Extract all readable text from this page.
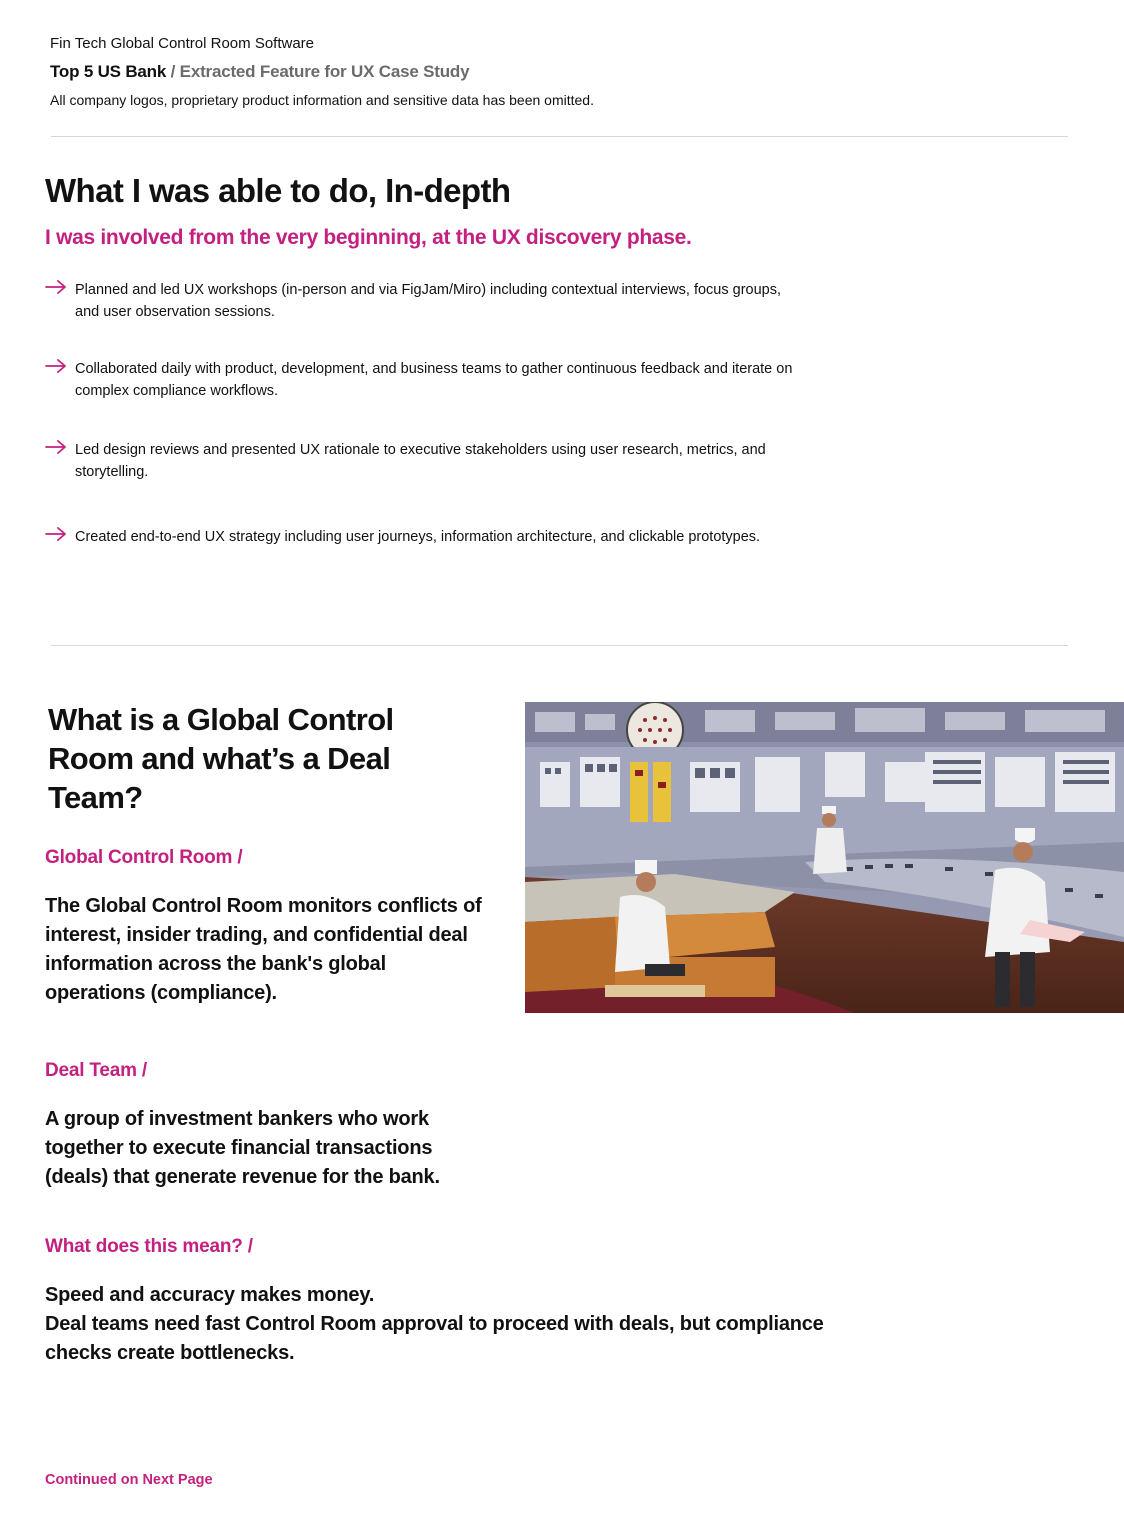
Fin Tech Global Control Room Software
Top 5 US Bank / Extracted Feature for UX Case Study
All company logos, proprietary product information and sensitive data has been omitted.
What I was able to do, In-depth
I was involved from the very beginning, at the UX discovery phase.
Planned and led UX workshops (in-person and via FigJam/Miro) including contextual interviews, focus groups, and user observation sessions.
Collaborated daily with product, development, and business teams to gather continuous feedback and iterate on complex compliance workflows.
Led design reviews and presented UX rationale to executive stakeholders using user research, metrics, and storytelling.
Created end-to-end UX strategy including user journeys, information architecture, and clickable prototypes.
What is a Global Control Room and what’s a Deal Team?
Global Control Room /
The Global Control Room monitors conflicts of interest, insider trading, and confidential deal information across the bank's global operations (compliance).
Deal Team /
A group of investment bankers who work together to execute financial transactions (deals) that generate revenue for the bank.
What does this mean? /
Speed and accuracy makes money.
Deal teams need fast Control Room approval to proceed with deals, but compliance checks create bottlenecks.
Continued on Next Page
